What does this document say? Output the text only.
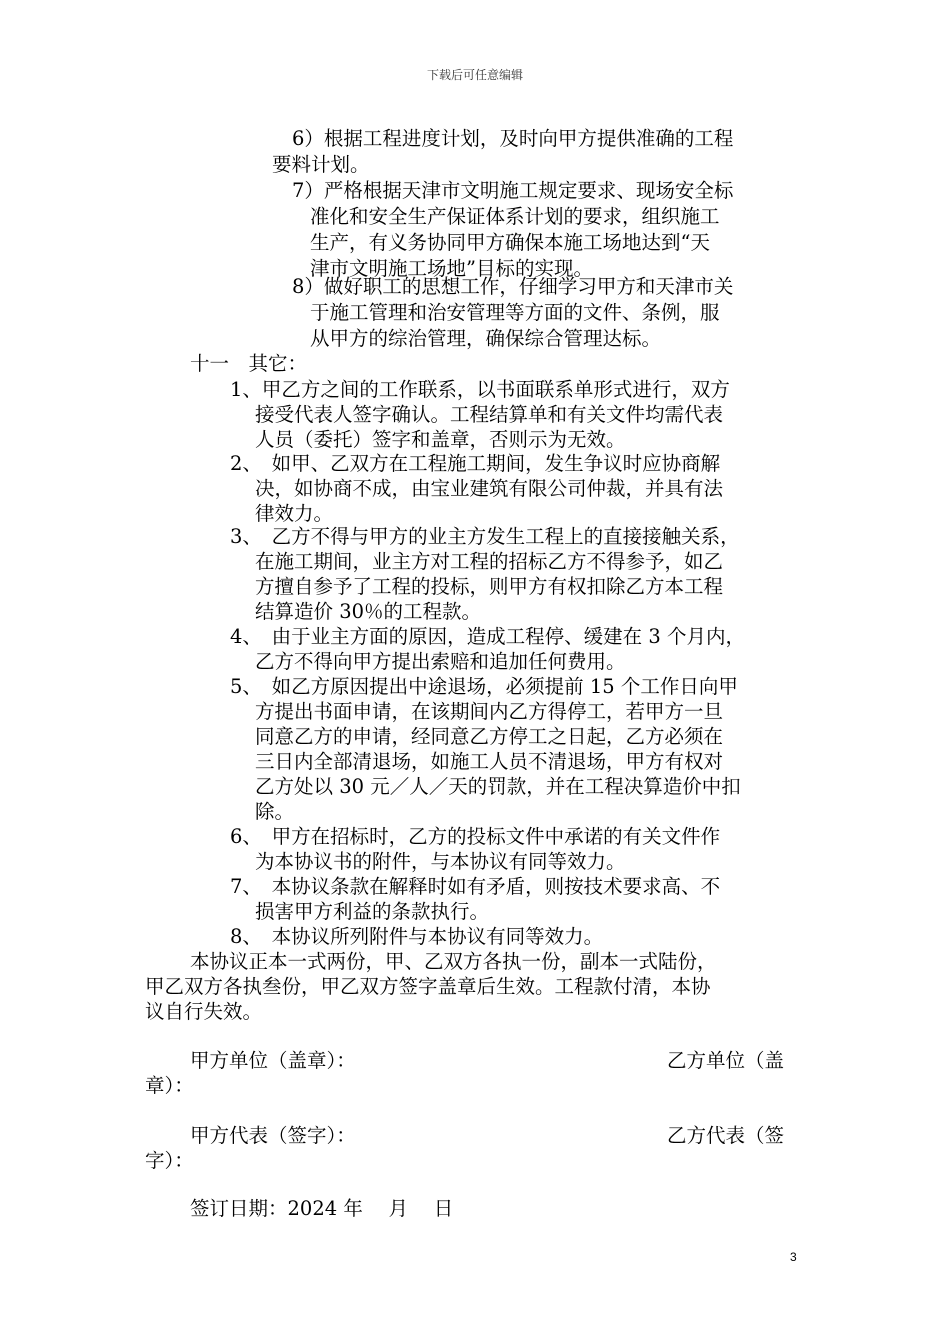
下载后可任意编辑
6）根据工程进度计划，及时向甲方提供准确的工程
要料计划。
7）严格根据天津市文明施工规定要求、现场安全标
准化和安全生产保证体系计划的要求，组织施工
生产，有义务协同甲方确保本施工场地达到“天
津市文明施工场地”目标的实现。
8）做好职工的思想工作，仔细学习甲方和天津市关
于施工管理和治安管理等方面的文件、条例，服
从甲方的综治管理，确保综合管理达标。
十一　其它：
1、甲乙方之间的工作联系，以书面联系单形式进行，双方
接受代表人签字确认。工程结算单和有关文件均需代表
人员（委托）签字和盖章，否则示为无效。
2、　如甲、乙双方在工程施工期间，发生争议时应协商解
决，如协商不成，由宝业建筑有限公司仲裁，并具有法
律效力。
3、　乙方不得与甲方的业主方发生工程上的直接接触关系，
在施工期间，业主方对工程的招标乙方不得参予，如乙
方擅自参予了工程的投标，则甲方有权扣除乙方本工程
结算造价 30％的工程款。
4、　由于业主方面的原因，造成工程停、缓建在 3 个月内，
乙方不得向甲方提出索赔和追加任何费用。
5、　如乙方原因提出中途退场，必须提前 15 个工作日向甲
方提出书面申请，在该期间内乙方得停工，若甲方一旦
同意乙方的申请，经同意乙方停工之日起，乙方必须在
三日内全部清退场，如施工人员不清退场，甲方有权对
乙方处以 30 元／人／天的罚款，并在工程决算造价中扣
除。
6、　甲方在招标时，乙方的投标文件中承诺的有关文件作
为本协议书的附件，与本协议有同等效力。
7、　本协议条款在解释时如有矛盾，则按技术要求高、不
损害甲方利益的条款执行。
8、　本协议所列附件与本协议有同等效力。
本协议正本一式两份，甲、乙双方各执一份，副本一式陆份，
甲乙双方各执叁份，甲乙双方签字盖章后生效。工程款付清，本协
议自行失效。
甲方单位（盖章）：	乙方单位（盖
章）：
甲方代表（签字）：	乙方代表（签
字）：
签订日期：2024 年　 月　 日
3
